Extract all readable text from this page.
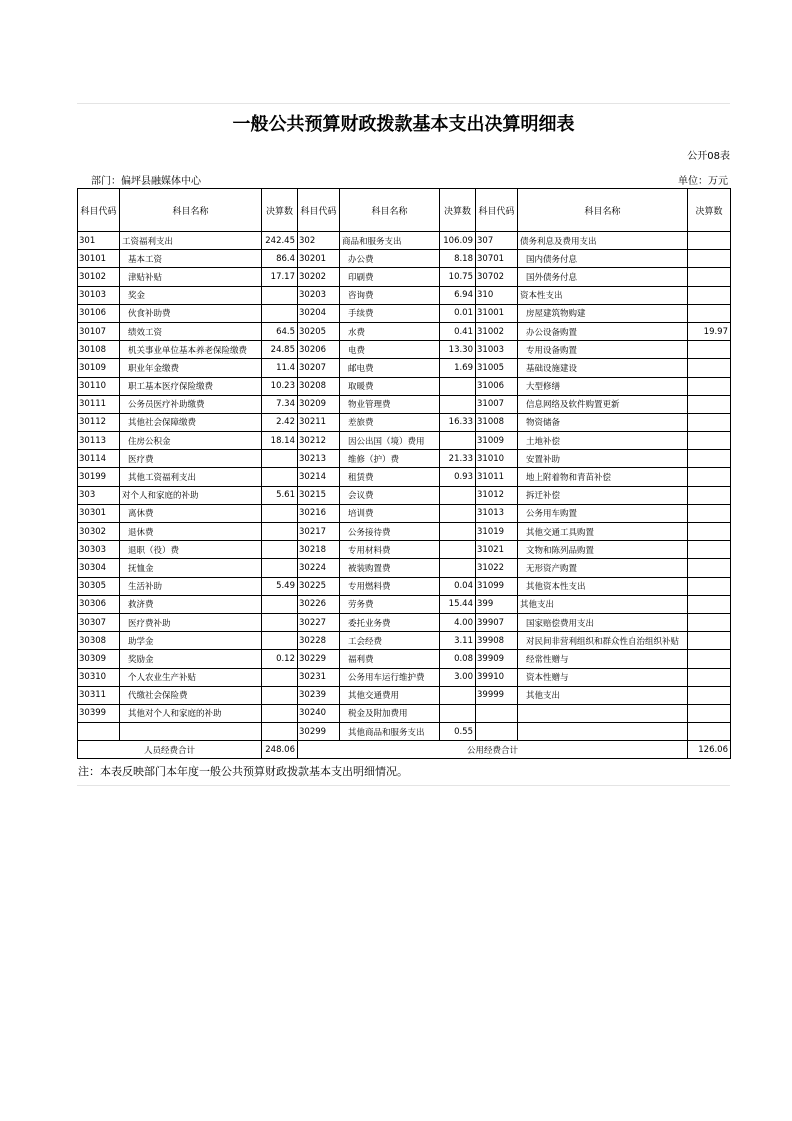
一般公共预算财政拨款基本支出决算明细表
公开08表
部门：偏坪县融媒体中心	单位：万元
科目代码	科目名称	决算数	科目代码	科目名称	决算数	科目代码	科目名称	决算数
301	工资福利支出	242.45	302	商品和服务支出	106.09	307	债务利息及费用支出	
30101	基本工资	86.4	30201	办公费	8.18	30701	国内债务付息	
30102	津贴补贴	17.17	30202	印刷费	10.75	30702	国外债务付息	
30103	奖金		30203	咨询费	6.94	310	资本性支出	
30106	伙食补助费		30204	手续费	0.01	31001	房屋建筑物购建	
30107	绩效工资	64.5	30205	水费	0.41	31002	办公设备购置	19.97
30108	机关事业单位基本养老保险缴费	24.85	30206	电费	13.30	31003	专用设备购置	
30109	职业年金缴费	11.4	30207	邮电费	1.69	31005	基础设施建设	
30110	职工基本医疗保险缴费	10.23	30208	取暖费		31006	大型修缮	
30111	公务员医疗补助缴费	7.34	30209	物业管理费		31007	信息网络及软件购置更新	
30112	其他社会保障缴费	2.42	30211	差旅费	16.33	31008	物资储备	
30113	住房公积金	18.14	30212	因公出国（境）费用		31009	土地补偿	
30114	医疗费		30213	维修（护）费	21.33	31010	安置补助	
30199	其他工资福利支出		30214	租赁费	0.93	31011	地上附着物和青苗补偿	
303	对个人和家庭的补助	5.61	30215	会议费		31012	拆迁补偿	
30301	离休费		30216	培训费		31013	公务用车购置	
30302	退休费		30217	公务接待费		31019	其他交通工具购置	
30303	退职（役）费		30218	专用材料费		31021	文物和陈列品购置	
30304	抚恤金		30224	被装购置费		31022	无形资产购置	
30305	生活补助	5.49	30225	专用燃料费	0.04	31099	其他资本性支出	
30306	救济费		30226	劳务费	15.44	399	其他支出	
30307	医疗费补助		30227	委托业务费	4.00	39907	国家赔偿费用支出	
30308	助学金		30228	工会经费	3.11	39908	对民间非营利组织和群众性自治组织补贴	
30309	奖励金	0.12	30229	福利费	0.08	39909	经常性赠与	
30310	个人农业生产补贴		30231	公务用车运行维护费	3.00	39910	资本性赠与	
30311	代缴社会保险费		30239	其他交通费用		39999	其他支出	
30399	其他对个人和家庭的补助		30240	税金及附加费用				
			30299	其他商品和服务支出	0.55			
人员经费合计		248.06	公用经费合计					126.06
注：本表反映部门本年度一般公共预算财政拨款基本支出明细情况。
